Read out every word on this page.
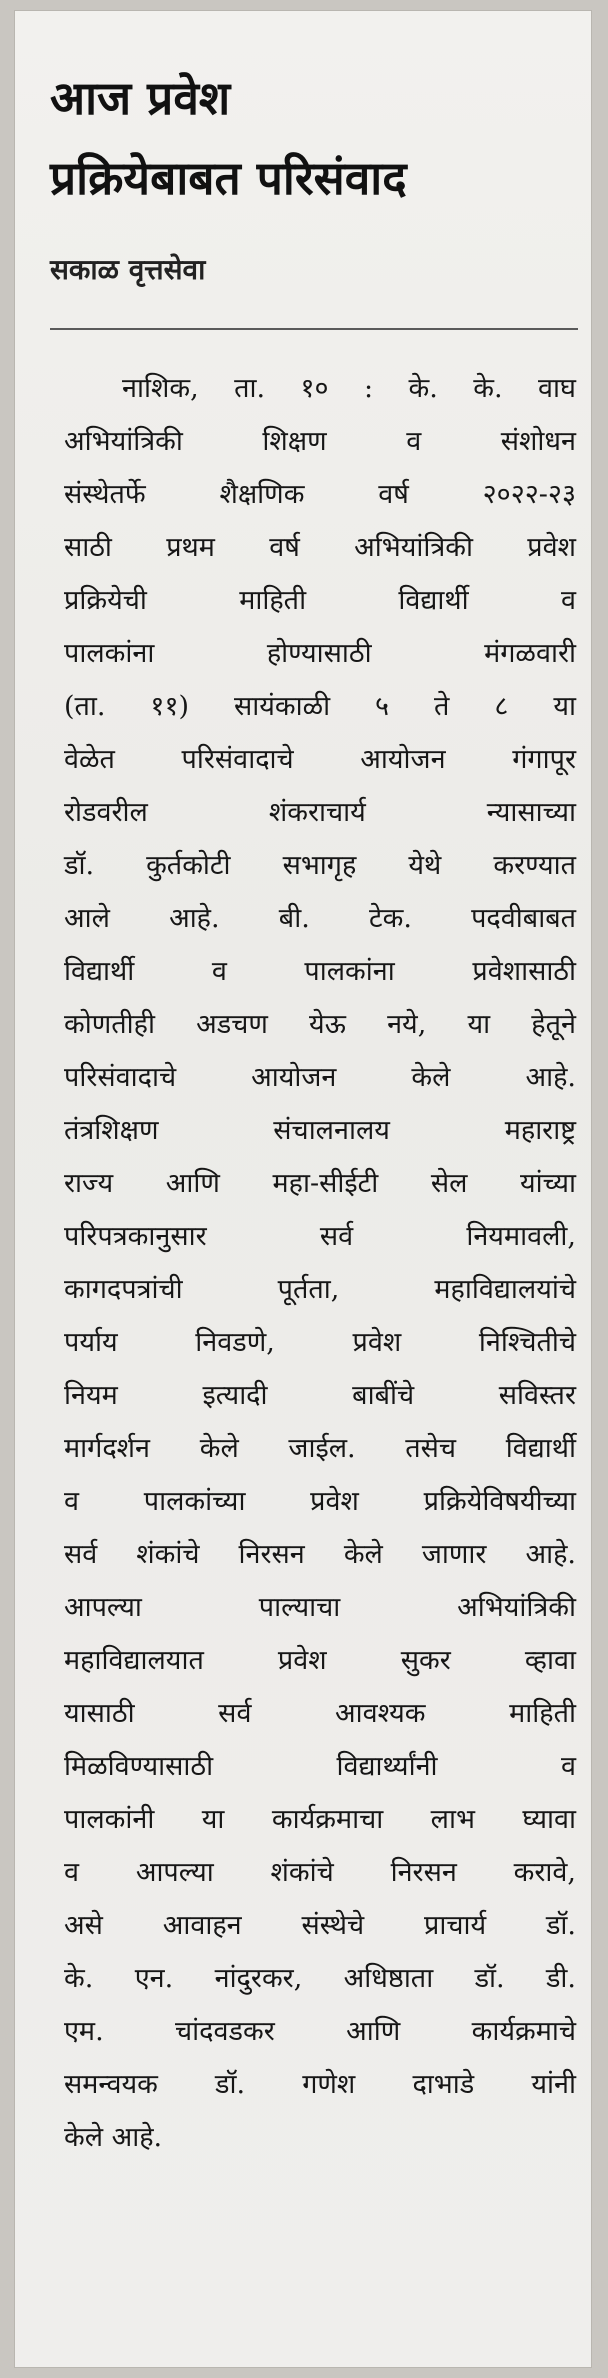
आज प्रवेश
प्रक्रियेबाबत परिसंवाद
सकाळ वृत्तसेवा
नाशिक, ता. १० : के. के. वाघ
अभियांत्रिकी शिक्षण व संशोधन
संस्थेतर्फे शैक्षणिक वर्ष २०२२-२३
साठी प्रथम वर्ष अभियांत्रिकी प्रवेश
प्रक्रियेची माहिती विद्यार्थी व
पालकांना होण्यासाठी मंगळवारी
(ता. ११) सायंकाळी ५ ते ८ या
वेळेत परिसंवादाचे आयोजन गंगापूर
रोडवरील शंकराचार्य न्यासाच्या
डॉ. कुर्तकोटी सभागृह येथे करण्यात
आले आहे. बी. टेक. पदवीबाबत
विद्यार्थी व पालकांना प्रवेशासाठी
कोणतीही अडचण येऊ नये, या हेतूने
परिसंवादाचे आयोजन केले आहे.
तंत्रशिक्षण संचालनालय महाराष्ट्र
राज्य आणि महा-सीईटी सेल यांच्या
परिपत्रकानुसार सर्व नियमावली,
कागदपत्रांची पूर्तता, महाविद्यालयांचे
पर्याय निवडणे, प्रवेश निश्चितीचे
नियम इत्यादी बाबींचे सविस्तर
मार्गदर्शन केले जाईल. तसेच विद्यार्थी
व पालकांच्या प्रवेश प्रक्रियेविषयीच्या
सर्व शंकांचे निरसन केले जाणार आहे.
आपल्या पाल्याचा अभियांत्रिकी
महाविद्यालयात प्रवेश सुकर व्हावा
यासाठी सर्व आवश्यक माहिती
मिळविण्यासाठी विद्यार्थ्यांनी व
पालकांनी या कार्यक्रमाचा लाभ घ्यावा
व आपल्या शंकांचे निरसन करावे,
असे आवाहन संस्थेचे प्राचार्य डॉ.
के. एन. नांदुरकर, अधिष्ठाता डॉ. डी.
एम. चांदवडकर आणि कार्यक्रमाचे
समन्वयक डॉ. गणेश दाभाडे यांनी
केले आहे.
